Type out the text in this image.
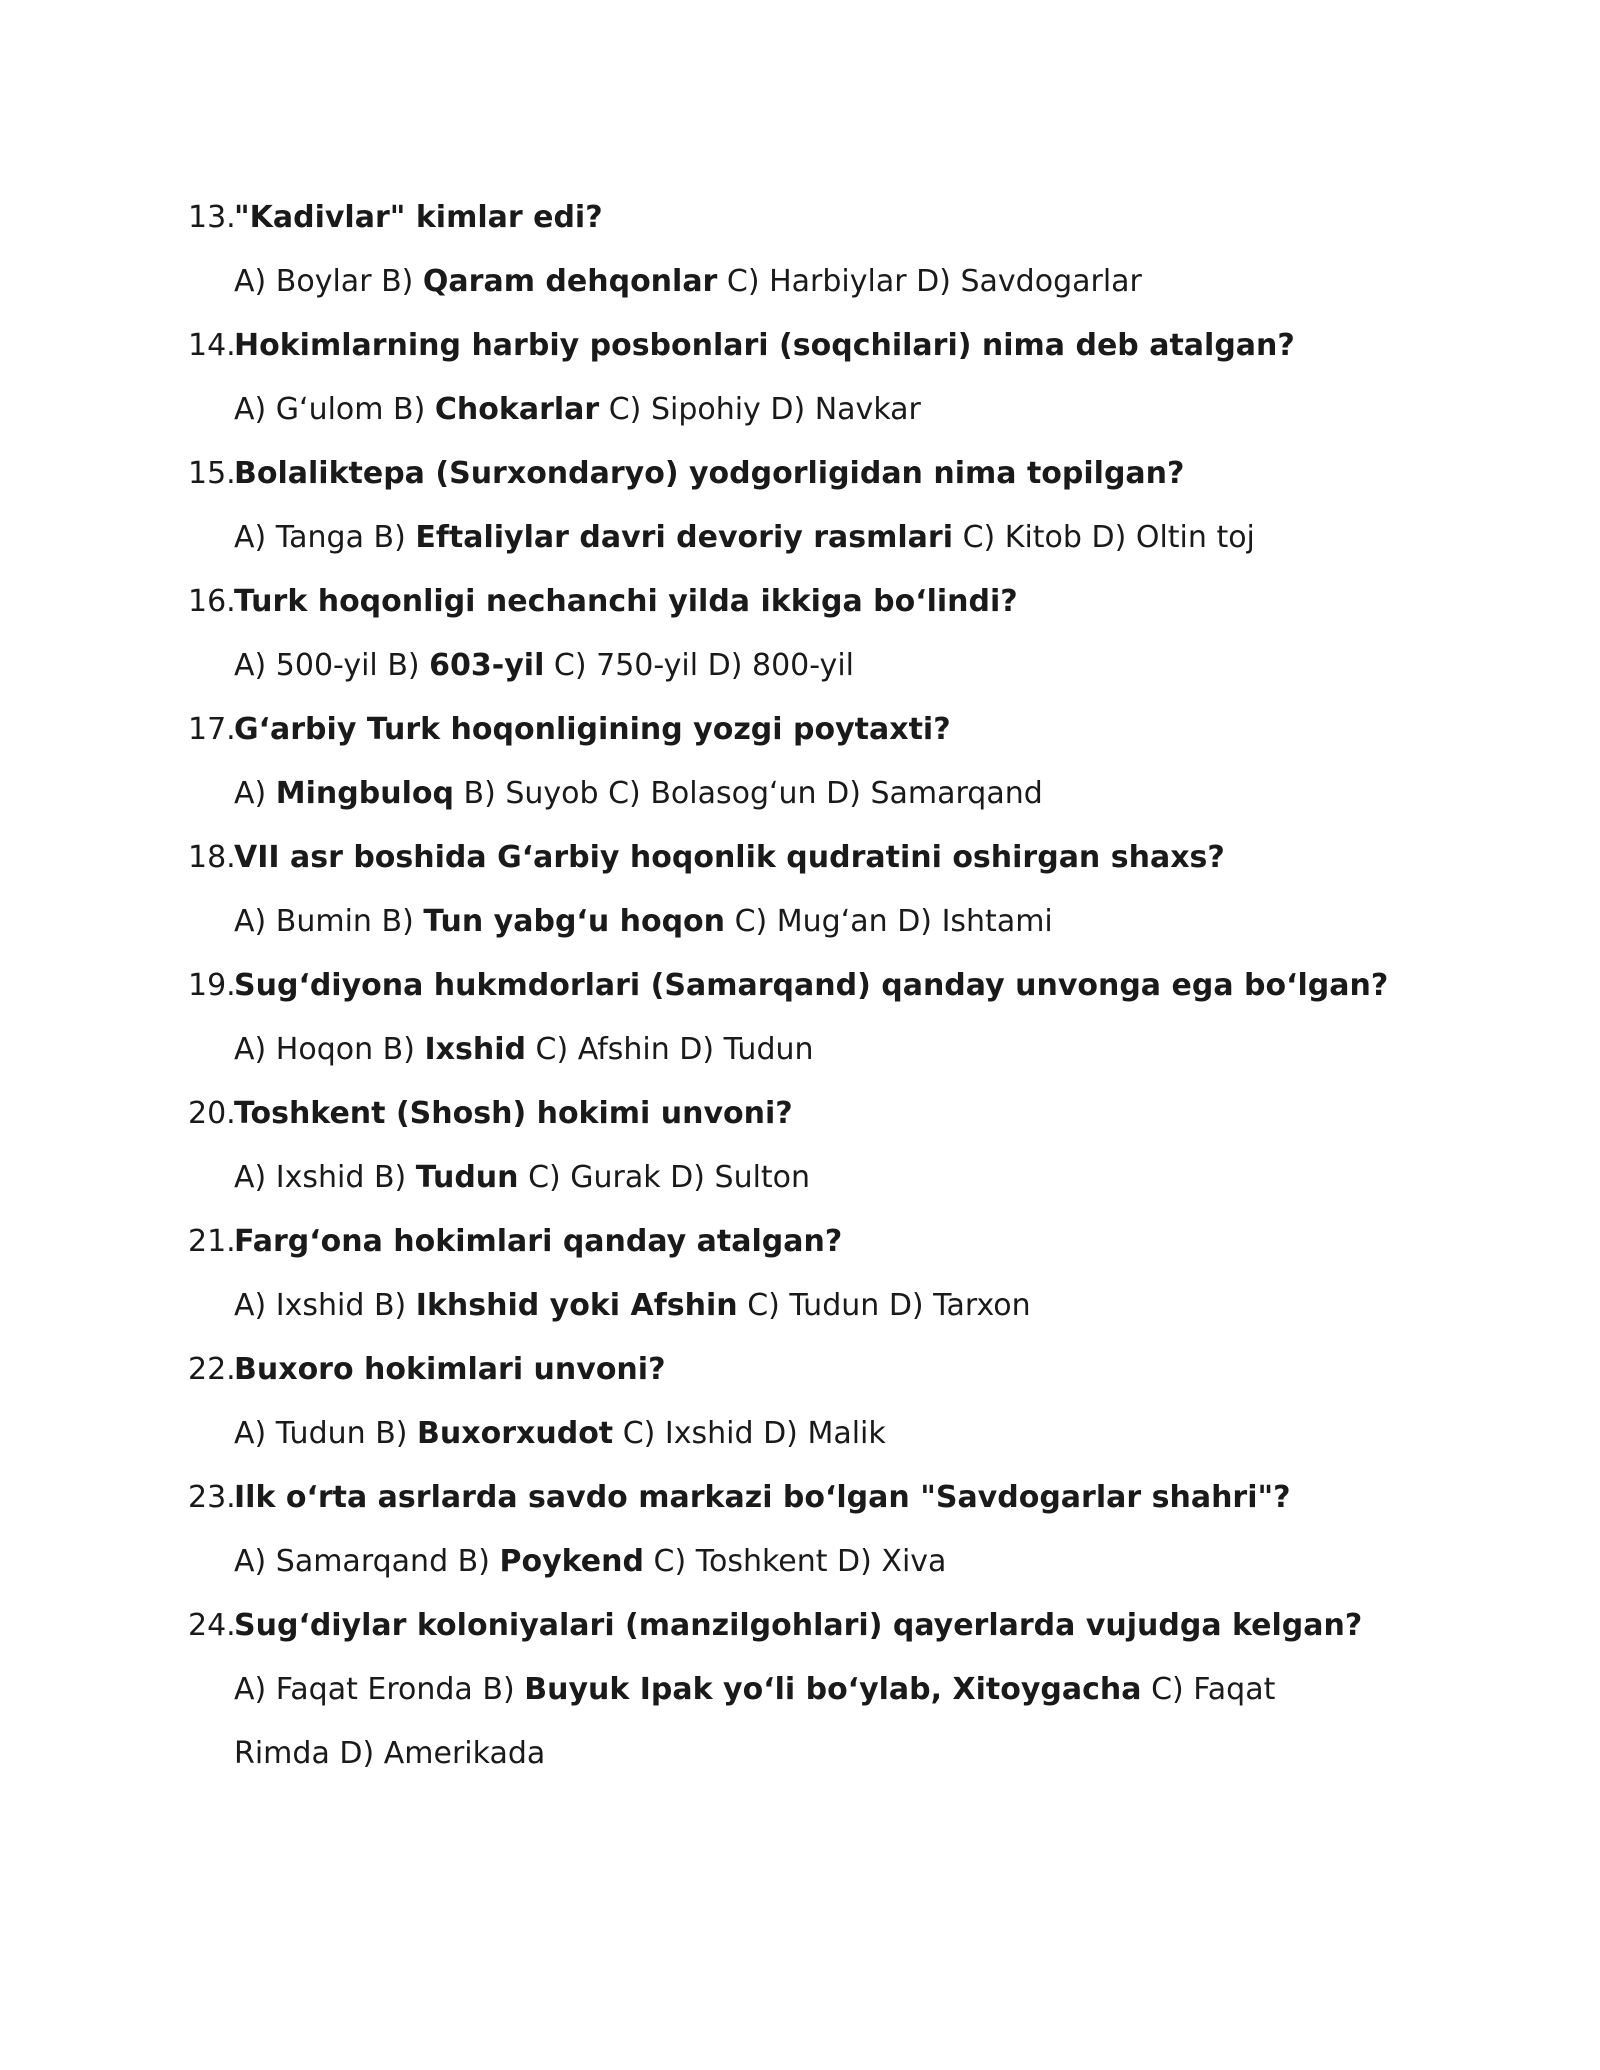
13.
"Kadivlar" kimlar edi?
A) Boylar B) Qaram dehqonlar C) Harbiylar D) Savdogarlar
14.
Hokimlarning harbiy posbonlari (soqchilari) nima deb atalgan?
A) G‘ulom B) Chokarlar C) Sipohiy D) Navkar
15.
Bolaliktepa (Surxondaryo) yodgorligidan nima topilgan?
A) Tanga B) Eftaliylar davri devoriy rasmlari C) Kitob D) Oltin toj
16.
Turk hoqonligi nechanchi yilda ikkiga bo‘lindi?
A) 500-yil B) 603-yil C) 750-yil D) 800-yil
17.
G‘arbiy Turk hoqonligining yozgi poytaxti?
A) Mingbuloq B) Suyob C) Bolasog‘un D) Samarqand
18.
VII asr boshida G‘arbiy hoqonlik qudratini oshirgan shaxs?
A) Bumin B) Tun yabg‘u hoqon C) Mug‘an D) Ishtami
19.
Sug‘diyona hukmdorlari (Samarqand) qanday unvonga ega bo‘lgan?
A) Hoqon B) Ixshid C) Afshin D) Tudun
20.
Toshkent (Shosh) hokimi unvoni?
A) Ixshid B) Tudun C) Gurak D) Sulton
21.
Farg‘ona hokimlari qanday atalgan?
A) Ixshid B) Ikhshid yoki Afshin C) Tudun D) Tarxon
22.
Buxoro hokimlari unvoni?
A) Tudun B) Buxorxudot C) Ixshid D) Malik
23.
Ilk o‘rta asrlarda savdo markazi bo‘lgan "Savdogarlar shahri"?
A) Samarqand B) Poykend C) Toshkent D) Xiva
24.
Sug‘diylar koloniyalari (manzilgohlari) qayerlarda vujudga kelgan?
A) Faqat Eronda B) Buyuk Ipak yo‘li bo‘ylab, Xitoygacha C) Faqat Rimda D) Amerikada
